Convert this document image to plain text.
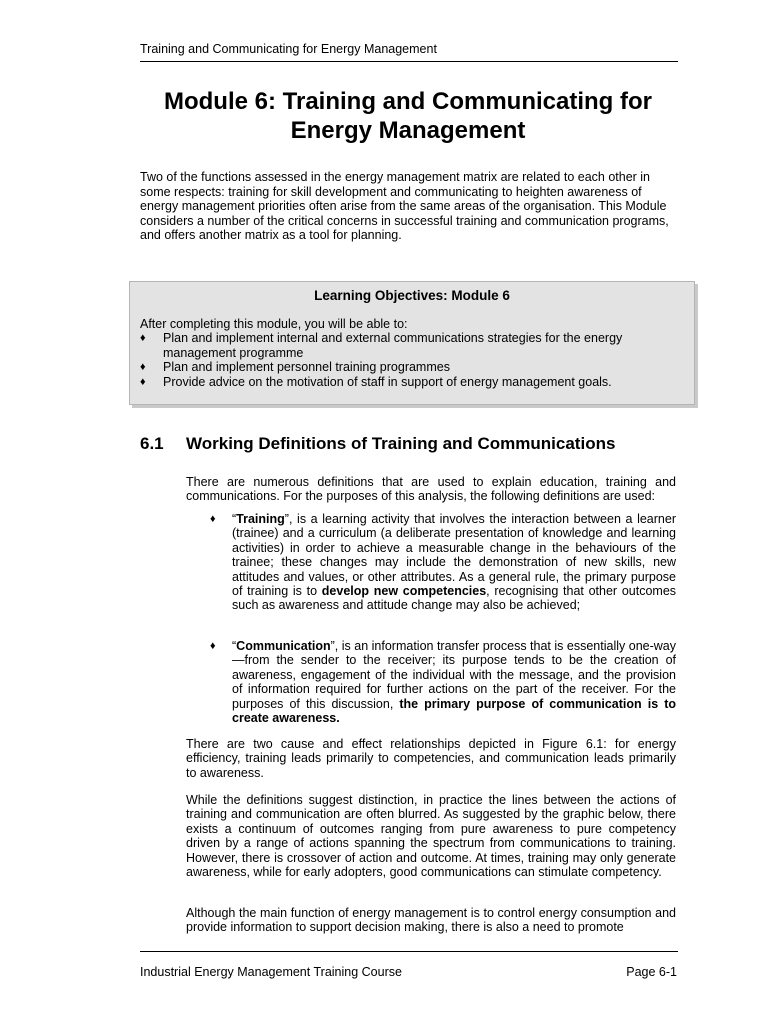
Training and Communicating for Energy Management
Module 6: Training and Communicating for Energy Management

Two of the functions assessed in the energy management matrix are related to each other in some respects: training for skill development and communicating to heighten awareness of energy management priorities often arise from the same areas of the organisation. This Module considers a number of the critical concerns in successful training and communication programs, and offers another matrix as a tool for planning.

Learning Objectives: Module 6

After completing this module, you will be able to:

♦	Plan and implement internal and external communications strategies for the energy management programme
♦	Plan and implement personnel training programmes
♦	Provide advice on the motivation of staff in support of energy management goals.
6.1 Working Definitions of Training and Communications

There are numerous definitions that are used to explain education, training and communications. For the purposes of this analysis, the following definitions are used:

♦ “Training”, is a learning activity that involves the interaction between a learner (trainee) and a curriculum (a deliberate presentation of knowledge and learning activities) in order to achieve a measurable change in the behaviours of the trainee; these changes may include the demonstration of new skills, new attitudes and values, or other attributes. As a general rule, the primary purpose of training is to develop new competencies, recognising that other outcomes such as awareness and attitude change may also be achieved;

♦ “Communication”, is an information transfer process that is essentially one-way—from the sender to the receiver; its purpose tends to be the creation of awareness, engagement of the individual with the message, and the provision of information required for further actions on the part of the receiver. For the purposes of this discussion, the primary purpose of communication is to create awareness.

There are two cause and effect relationships depicted in Figure 6.1: for energy efficiency, training leads primarily to competencies, and communication leads primarily to awareness.

While the definitions suggest distinction, in practice the lines between the actions of training and communication are often blurred. As suggested by the graphic below, there exists a continuum of outcomes ranging from pure awareness to pure competency driven by a range of actions spanning the spectrum from communications to training. However, there is crossover of action and outcome. At times, training may only generate awareness, while for early adopters, good communications can stimulate competency.

Although the main function of energy management is to control energy consumption and provide information to support decision making, there is also a need to promote

Industrial Energy Management Training Course	Page 6-1
